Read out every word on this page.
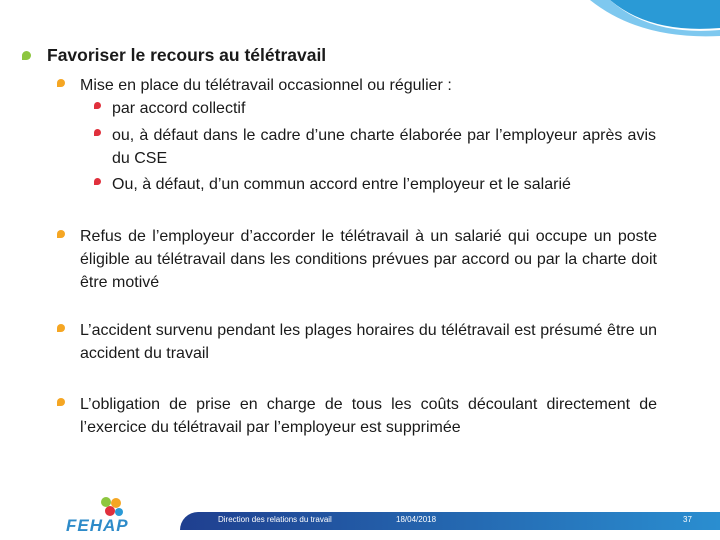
Favoriser le recours au télétravail
Mise en place du télétravail occasionnel ou régulier :
par accord collectif
ou, à défaut dans le cadre d’une charte élaborée par l’employeur après avis du CSE
Ou, à défaut, d’un commun accord entre l’employeur et le salarié
Refus de l’employeur d’accorder le télétravail à un salarié qui occupe un poste éligible au télétravail dans les conditions prévues par accord ou par la charte doit être motivé
L’accident survenu pendant les plages horaires du télétravail est présumé être un accident du travail
L’obligation de prise en charge de tous les coûts découlant directement de l’exercice du télétravail par l’employeur est supprimée
FEHAP	Direction des relations du travail	18/04/2018	37
